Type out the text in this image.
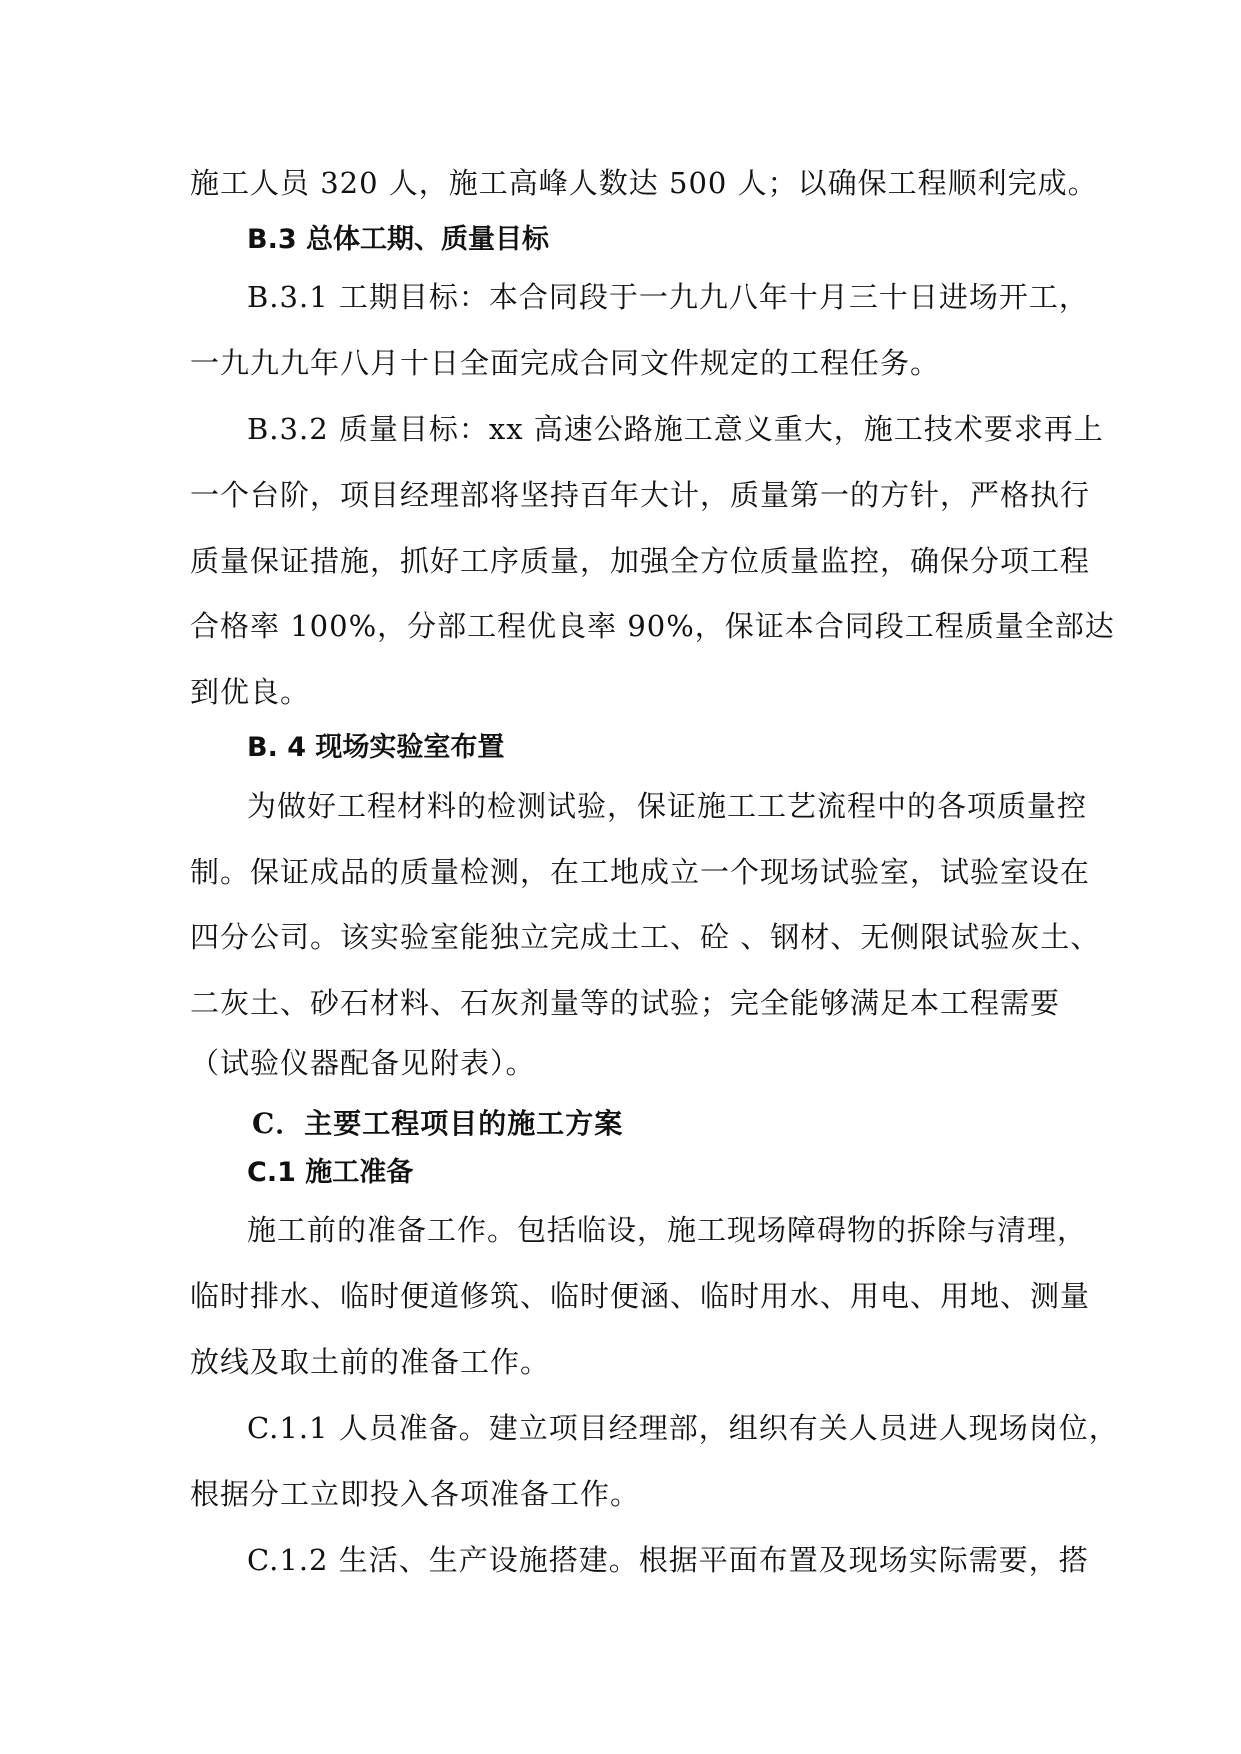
施工人员 320 人，施工高峰人数达 500 人；以确保工程顺利完成。
B.3 总体工期、质量目标
B.3.1 工期目标：本合同段于一九九八年十月三十日进场开工，
一九九九年八月十日全面完成合同文件规定的工程任务。
B.3.2 质量目标：xx 高速公路施工意义重大，施工技术要求再上
一个台阶，项目经理部将坚持百年大计，质量第一的方针，严格执行
质量保证措施，抓好工序质量，加强全方位质量监控，确保分项工程
合格率 100%，分部工程优良率 90%，保证本合同段工程质量全部达
到优良。
B. 4 现场实验室布置
为做好工程材料的检测试验，保证施工工艺流程中的各项质量控
制。保证成品的质量检测，在工地成立一个现场试验室，试验室设在
四分公司。该实验室能独立完成土工、砼 、钢材、无侧限试验灰土、
二灰土、砂石材料、石灰剂量等的试验；完全能够满足本工程需要
（试验仪器配备见附表）。
C．主要工程项目的施工方案
C.1 施工准备
施工前的准备工作。包括临设，施工现场障碍物的拆除与清理，
临时排水、临时便道修筑、临时便涵、临时用水、用电、用地、测量
放线及取土前的准备工作。
C.1.1 人员准备。建立项目经理部，组织有关人员进人现场岗位，
根据分工立即投入各项准备工作。
C.1.2 生活、生产设施搭建。根据平面布置及现场实际需要，搭
